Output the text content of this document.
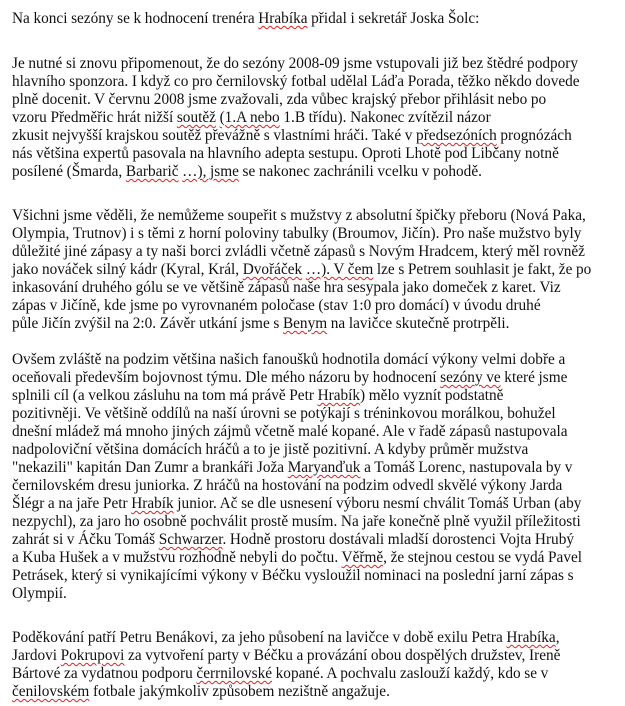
Na konci sezóny se k hodnocení trenéra Hrabíka přidal i sekretář Joska Šolc:
Je nutné si znovu připomenout, že do sezóny 2008-09 jsme vstupovali již bez štědré podpory
hlavního sponzora. I když co pro černilovský fotbal udělal Láďa Porada, těžko někdo dovede
plně docenit. V červnu 2008 jsme zvažovali, zda vůbec krajský přebor přihlásit nebo po
vzoru Předměřic hrát nižší soutěž (1.A nebo 1.B třídu). Nakonec zvítězil názor
zkusit nejvyšší krajskou soutěž převážně s vlastními hráči. Také v předsezóních prognózách
nás většina expertů pasovala na hlavního adepta sestupu. Oproti Lhotě pod Libčany notně
posílené (Šmarda, Barbarič …), jsme se nakonec zachránili vcelku v pohodě.
Všichni jsme věděli, že nemůžeme soupeřit s mužstvy z absolutní špičky přeboru (Nová Paka,
Olympia, Trutnov) i s těmi z horní poloviny tabulky (Broumov, Jičín). Pro naše mužstvo byly
důležité jiné zápasy a ty naši borci zvládli včetně zápasů s Novým Hradcem, který měl rovněž
jako nováček silný kádr (Kyral, Král, Dvořáček …). V čem lze s Petrem souhlasit je fakt, že po
inkasování druhého gólu se ve většině zápasů naše hra sesypala jako domeček z karet. Viz
zápas v Jičíně, kde jsme po vyrovnaném poločase (stav 1:0 pro domácí) v úvodu druhé
půle Jičín zvýšil na 2:0. Závěr utkání jsme s Benym na lavičce skutečně protrpěli.
Ovšem zvláště na podzim většina našich fanoušků hodnotila domácí výkony velmi dobře a
oceňovali především bojovnost týmu. Dle mého názoru by hodnocení sezóny ve které jsme
splnili cíl (a velkou zásluhu na tom má právě Petr Hrabík) mělo vyznít podstatně
pozitivněji. Ve většině oddílů na naší úrovni se potýkají s tréninkovou morálkou, bohužel
dnešní mládež má mnoho jiných zájmů včetně malé kopané. Ale v řadě zápasů nastupovala
nadpoloviční většina domácích hráčů a to je jistě pozitivní. A kdyby průměr mužstva
"nekazili" kapitán Dan Zumr a brankáři Joža Maryanďuk a Tomáš Lorenc, nastupovala by v
černilovském dresu juniorka. Z hráčů na hostování na podzim odvedl skvělé výkony Jarda
Šlégr a na jaře Petr Hrabík junior. Ač se dle usnesení výboru nesmí chválit Tomáš Urban (aby
nezpychl), za jaro ho osobně pochválit prostě musím. Na jaře konečně plně využil příležitosti
zahrát si v Áčku Tomáš Schwarzer. Hodně prostoru dostávali mladší dorostenci Vojta Hrubý
a Kuba Hušek a v mužstvu rozhodně nebyli do počtu. Věřmě, že stejnou cestou se vydá Pavel
Petrásek, který si vynikajícími výkony v Béčku vysloužil nominaci na poslední jarní zápas s
Olympií.
Poděkování patří Petru Benákovi, za jeho působení na lavičce v době exilu Petra Hrabíka,
Jardovi Pokrupovi za vytvoření party v Béčku a provázání obou dospělých družstev, Ireně
Bártové za vydatnou podporu čerrnilovské kopané. A pochvalu zaslouží každý, kdo se v
čenilovském fotbale jakýmkoliv způsobem nezištně angažuje.
